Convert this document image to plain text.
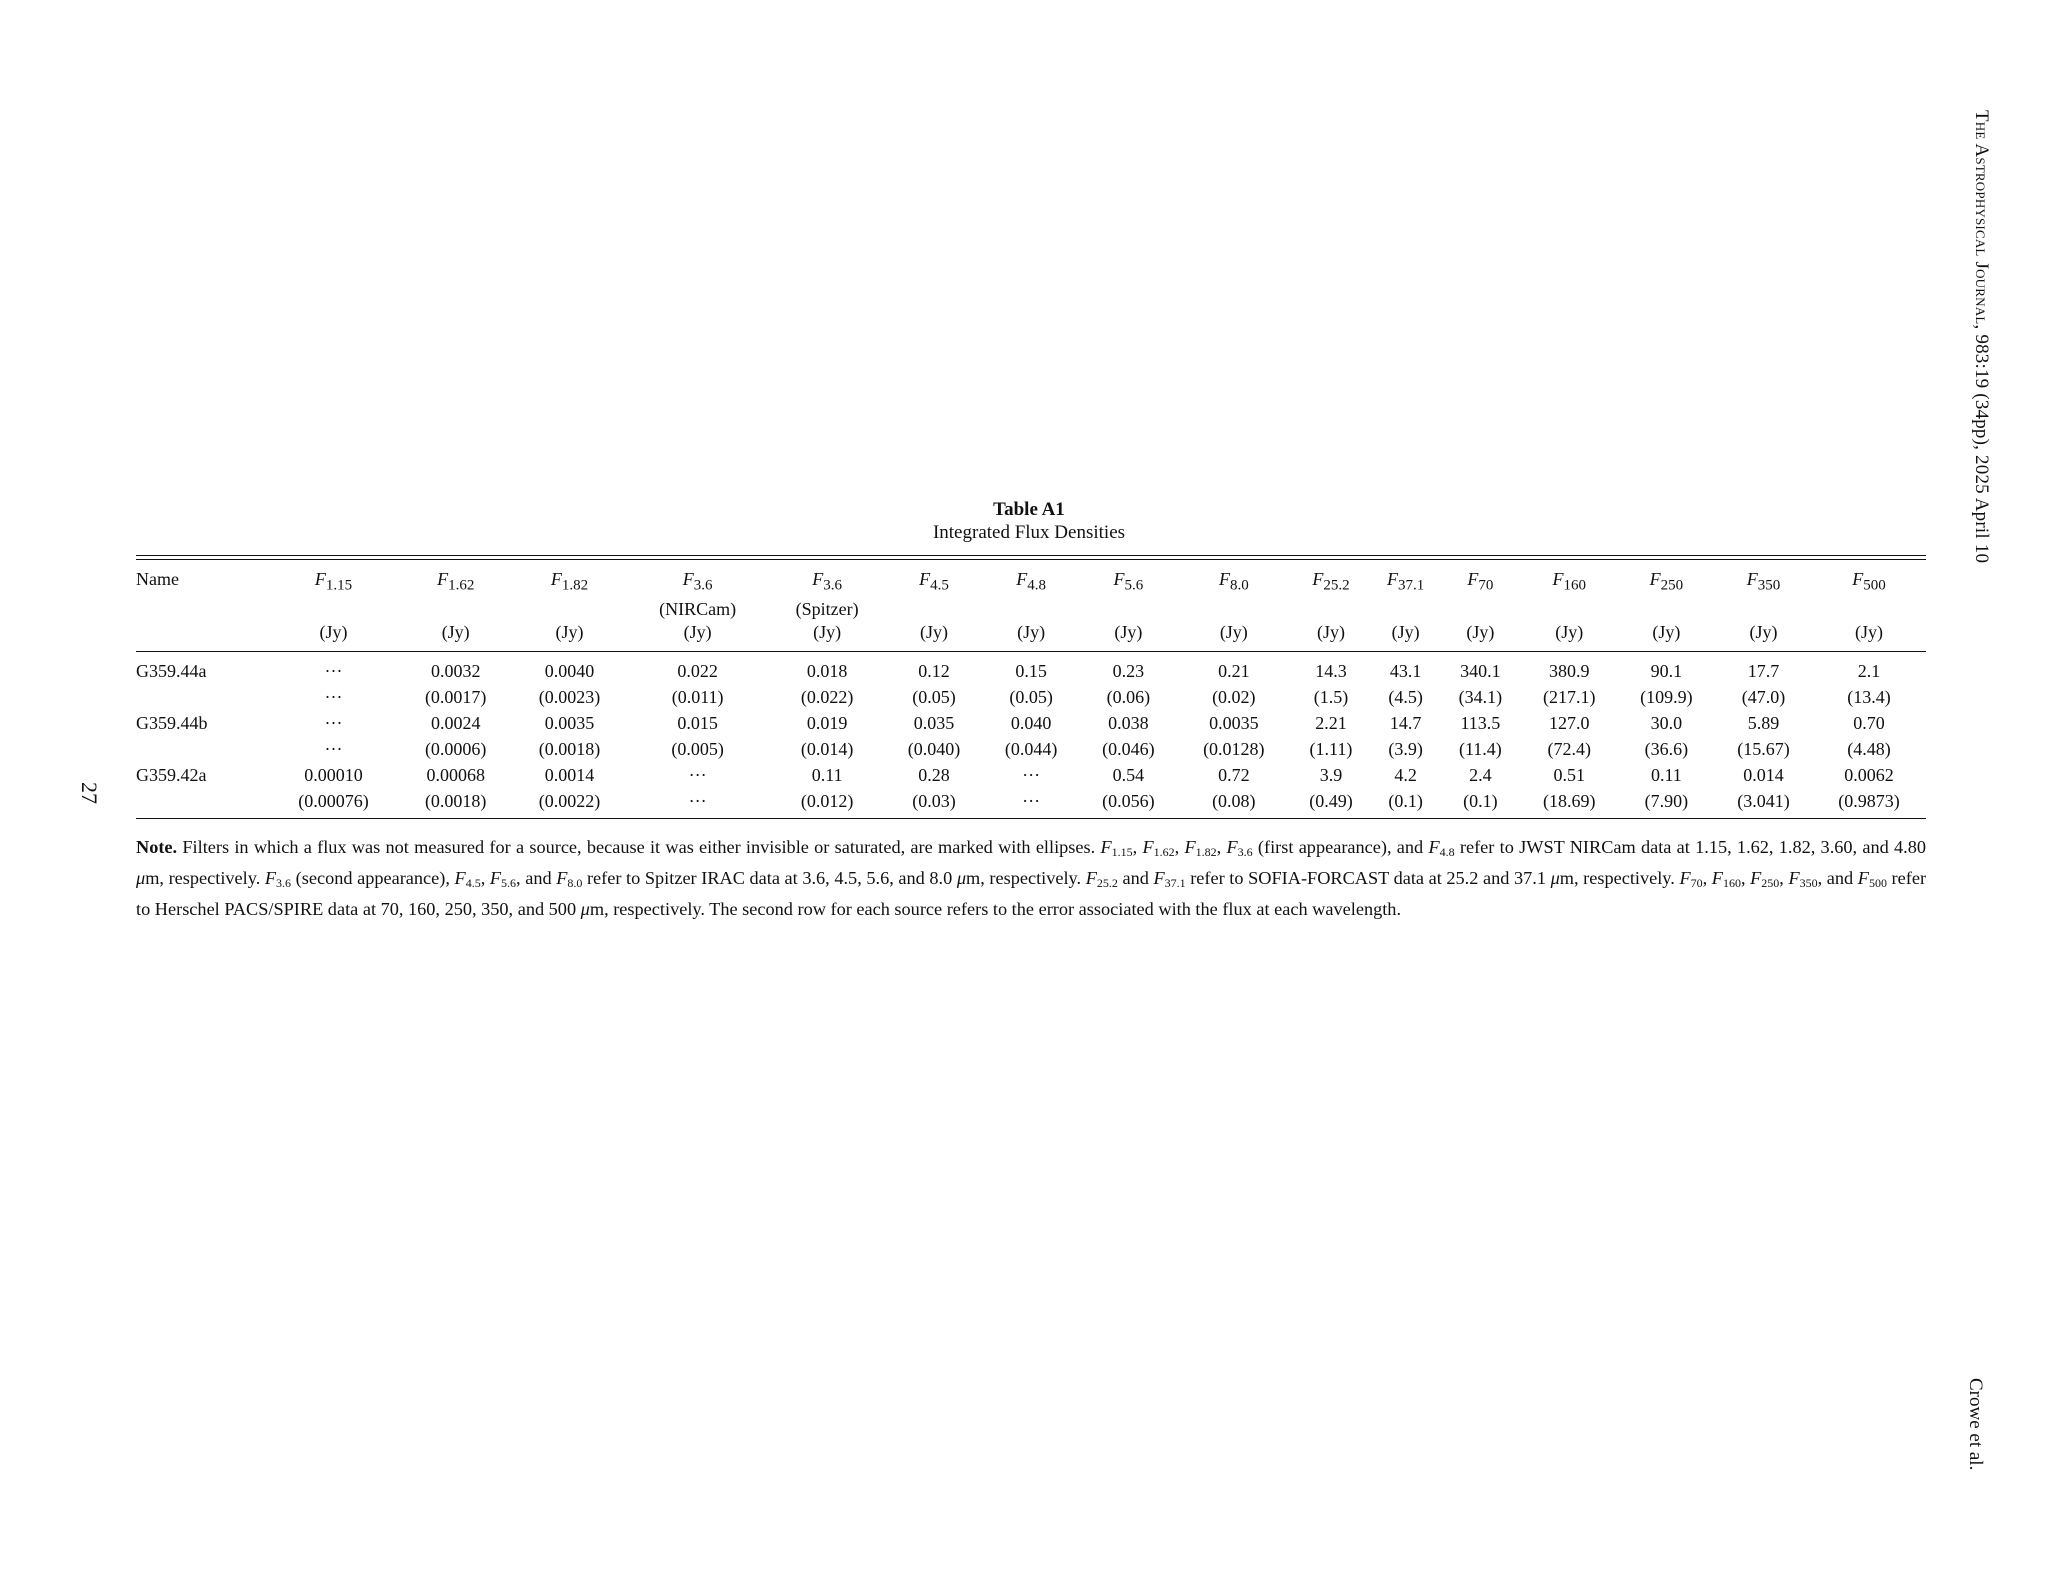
The Astrophysical Journal, 983:19 (34pp), 2025 April 10
Crowe et al.
27
Table A1
Integrated Flux Densities
Name	$F_{1.15}$	$F_{1.62}$	$F_{1.82}$	$F_{3.6}$	$F_{3.6}$	$F_{4.5}$	$F_{4.8}$	$F_{5.6}$	$F_{8.0}$	$F_{25.2}$	$F_{37.1}$	$F_{70}$	$F_{160}$	$F_{250}$	$F_{350}$	$F_{500}$
				(NIRCam)	(Spitzer)											
	(Jy)	(Jy)	(Jy)	(Jy)	(Jy)	(Jy)	(Jy)	(Jy)	(Jy)	(Jy)	(Jy)	(Jy)	(Jy)	(Jy)	(Jy)	(Jy)
G359.44a	···	0.0032	0.0040	0.022	0.018	0.12	0.15	0.23	0.21	14.3	43.1	340.1	380.9	90.1	17.7	2.1
	···	(0.0017)	(0.0023)	(0.011)	(0.022)	(0.05)	(0.05)	(0.06)	(0.02)	(1.5)	(4.5)	(34.1)	(217.1)	(109.9)	(47.0)	(13.4)
G359.44b	···	0.0024	0.0035	0.015	0.019	0.035	0.040	0.038	0.0035	2.21	14.7	113.5	127.0	30.0	5.89	0.70
	···	(0.0006)	(0.0018)	(0.005)	(0.014)	(0.040)	(0.044)	(0.046)	(0.0128)	(1.11)	(3.9)	(11.4)	(72.4)	(36.6)	(15.67)	(4.48)
G359.42a	0.00010	0.00068	0.0014	···	0.11	0.28	···	0.54	0.72	3.9	4.2	2.4	0.51	0.11	0.014	0.0062
	(0.00076)	(0.0018)	(0.0022)	···	(0.012)	(0.03)	···	(0.056)	(0.08)	(0.49)	(0.1)	(0.1)	(18.69)	(7.90)	(3.041)	(0.9873)
Note. Filters in which a flux was not measured for a source, because it was either invisible or saturated, are marked with ellipses. $F_{1.15}$, $F_{1.62}$, $F_{1.82}$, $F_{3.6}$ (first appearance), and $F_{4.8}$ refer to JWST NIRCam data at 1.15, 1.62, 1.82, 3.60, and 4.80 μm, respectively. $F_{3.6}$ (second appearance), $F_{4.5}$, $F_{5.6}$, and $F_{8.0}$ refer to Spitzer IRAC data at 3.6, 4.5, 5.6, and 8.0 μm, respectively. $F_{25.2}$ and $F_{37.1}$ refer to SOFIA-FORCAST data at 25.2 and 37.1 μm, respectively. $F_{70}$, $F_{160}$, $F_{250}$, $F_{350}$, and $F_{500}$ refer to Herschel PACS/SPIRE data at 70, 160, 250, 350, and 500 μm, respectively. The second row for each source refers to the error associated with the flux at each wavelength.
